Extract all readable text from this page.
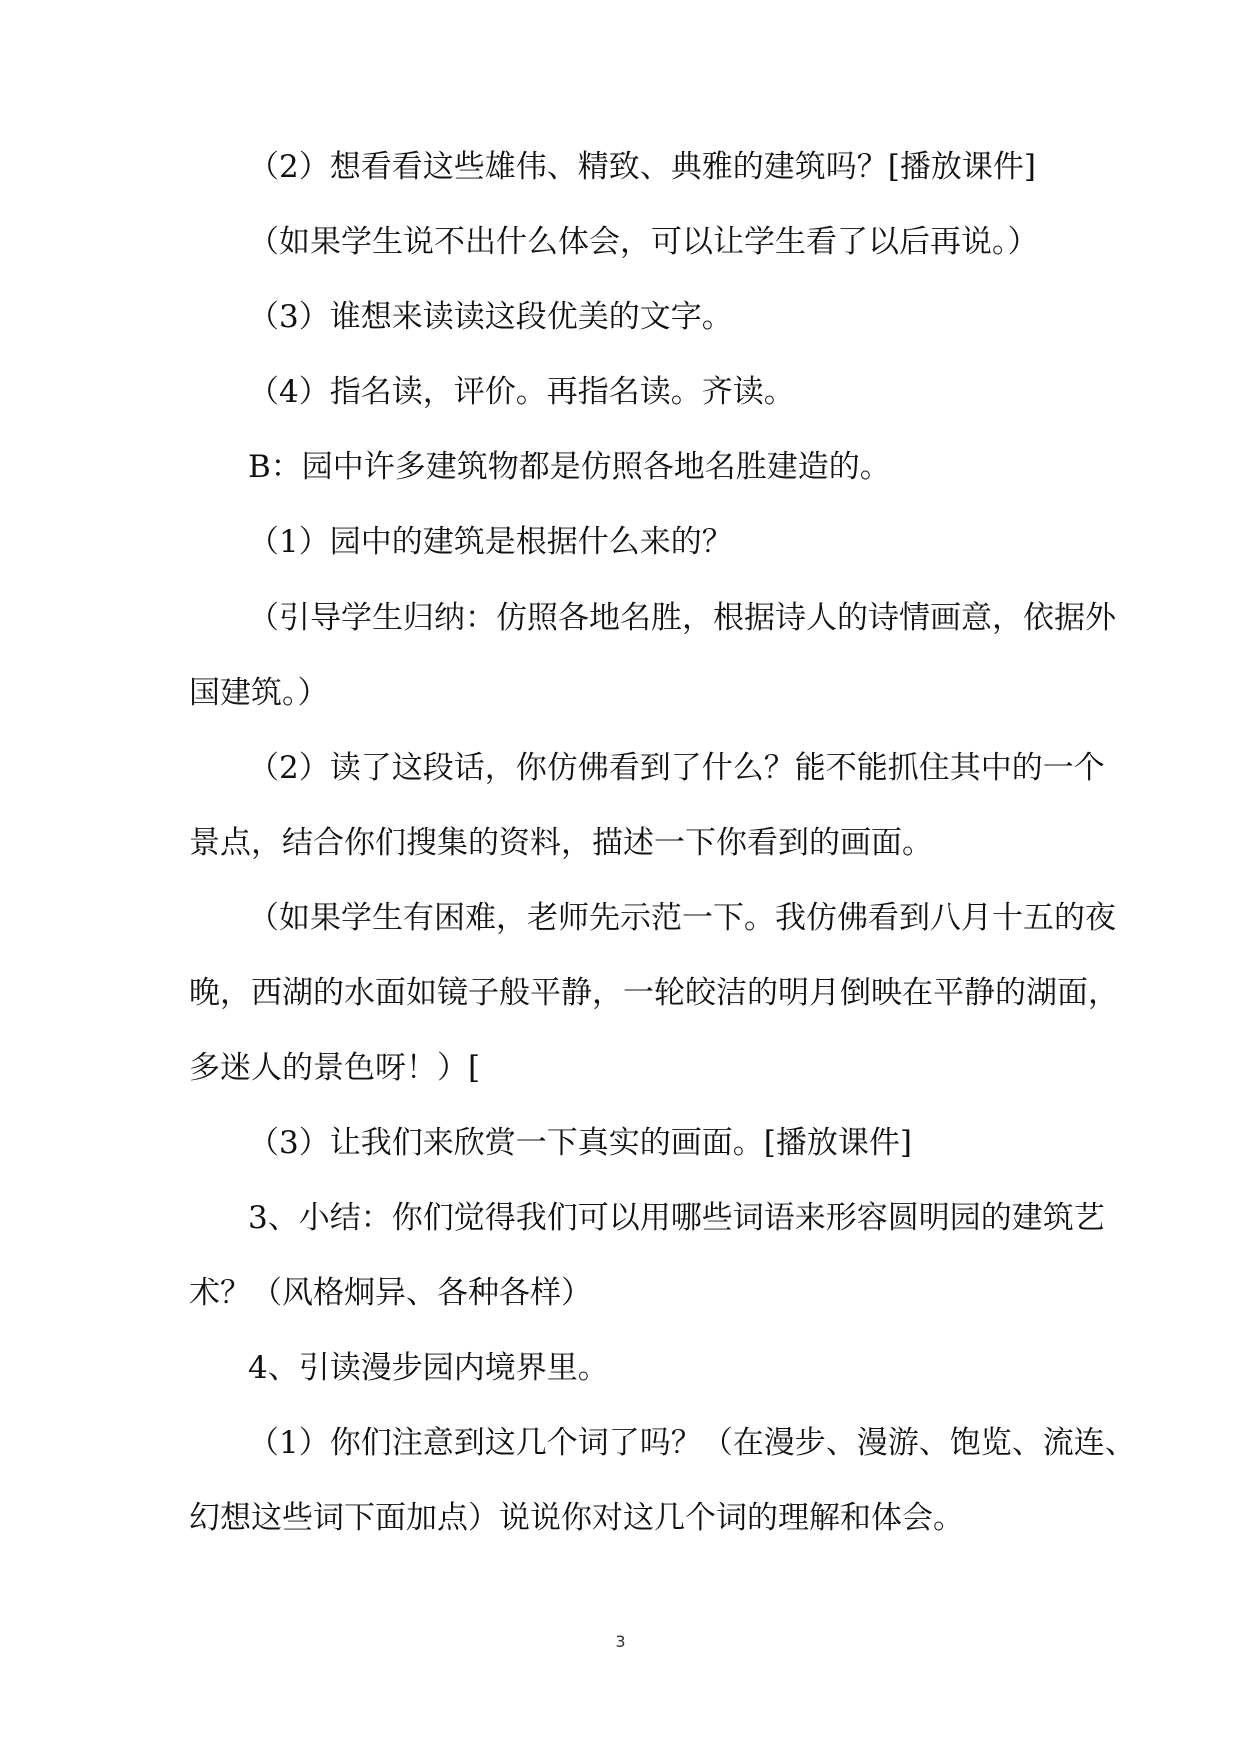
（2）想看看这些雄伟、精致、典雅的建筑吗？[播放课件]
（如果学生说不出什么体会，可以让学生看了以后再说。）
（3）谁想来读读这段优美的文字。
（4）指名读，评价。再指名读。齐读。
B：园中许多建筑物都是仿照各地名胜建造的。
（1）园中的建筑是根据什么来的？
（引导学生归纳：仿照各地名胜，根据诗人的诗情画意，依据外
国建筑。）
（2）读了这段话，你仿佛看到了什么？能不能抓住其中的一个
景点，结合你们搜集的资料，描述一下你看到的画面。
（如果学生有困难，老师先示范一下。我仿佛看到八月十五的夜
晚，西湖的水面如镜子般平静，一轮皎洁的明月倒映在平静的湖面，
多迷人的景色呀！）[
（3）让我们来欣赏一下真实的画面。[播放课件]
3、小结：你们觉得我们可以用哪些词语来形容圆明园的建筑艺
术？（风格炯异、各种各样）
4、引读漫步园内境界里。
（1）你们注意到这几个词了吗？（在漫步、漫游、饱览、流连、
幻想这些词下面加点）说说你对这几个词的理解和体会。
3
